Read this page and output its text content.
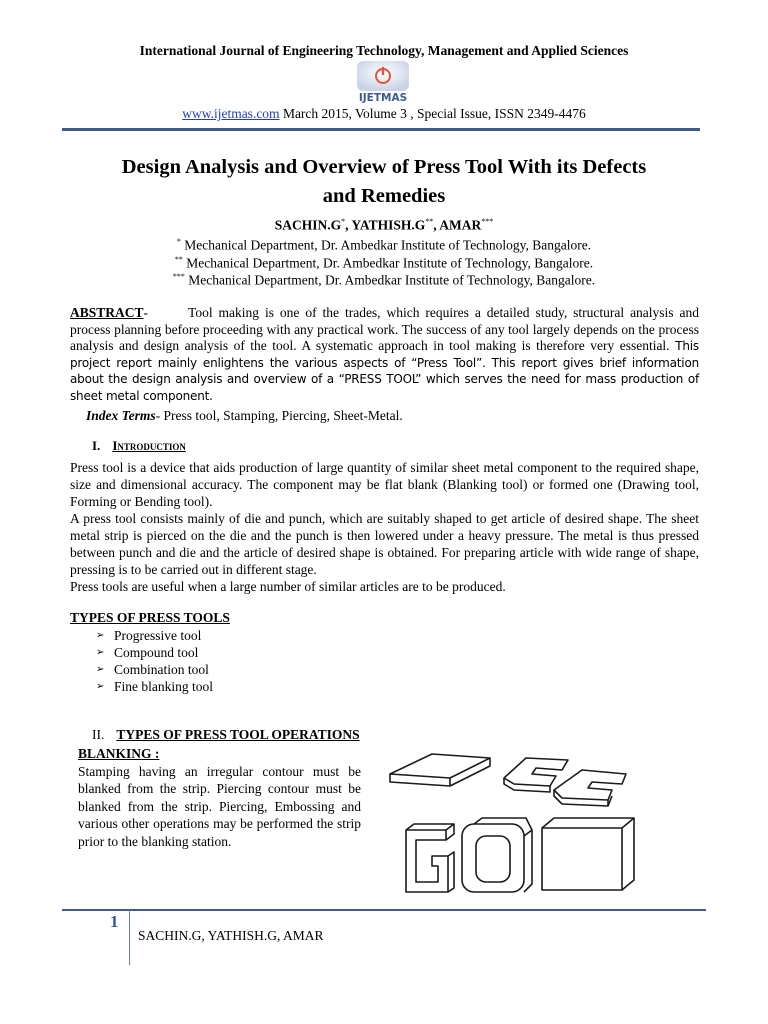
International Journal of Engineering Technology, Management and Applied Sciences
IJETMAS
www.ijetmas.com March 2015, Volume 3 , Special Issue, ISSN 2349-4476
Design Analysis and Overview of Press Tool With its Defects
and Remedies
SACHIN.G*, YATHISH.G**, AMAR***
* Mechanical Department, Dr. Ambedkar Institute of Technology, Bangalore.
** Mechanical Department, Dr. Ambedkar Institute of Technology, Bangalore.
*** Mechanical Department, Dr. Ambedkar Institute of Technology, Bangalore.
ABSTRACT-	Tool making is one of the trades, which requires a detailed study, structural analysis and process planning before proceeding with any practical work. The success of any tool largely depends on the process analysis and design analysis of the tool. A systematic approach in tool making is therefore very essential. This project report mainly enlightens the various aspects of “Press Tool”. This report gives brief information about the design analysis and overview of a “PRESS TOOL” which serves the need for mass production of sheet metal component.
Index Terms- Press tool, Stamping, Piercing, Sheet-Metal.
I. Introduction

Press tool is a device that aids production of large quantity of similar sheet metal component to the required shape, size and dimensional accuracy. The component may be flat blank (Blanking tool) or formed one (Drawing tool, Forming or Bending tool).

A press tool consists mainly of die and punch, which are suitably shaped to get article of desired shape. The sheet metal strip is pierced on the die and the punch is then lowered under a heavy pressure. The metal is thus pressed between punch and die and the article of desired shape is obtained. For preparing article with wide range of shape, pressing is to be carried out in different stage.

Press tools are useful when a large number of similar articles are to be produced.

TYPES OF PRESS TOOLS
➢ Progressive tool
➢ Compound tool
➢ Combination tool
➢ Fine blanking tool
II. TYPES OF PRESS TOOL OPERATIONS
BLANKING :
Stamping having an irregular contour must be blanked from the strip. Piercing contour must be blanked from the strip. Piercing, Embossing and various other operations may be performed the strip prior to the blanking station.
1
SACHIN.G, YATHISH.G, AMAR
